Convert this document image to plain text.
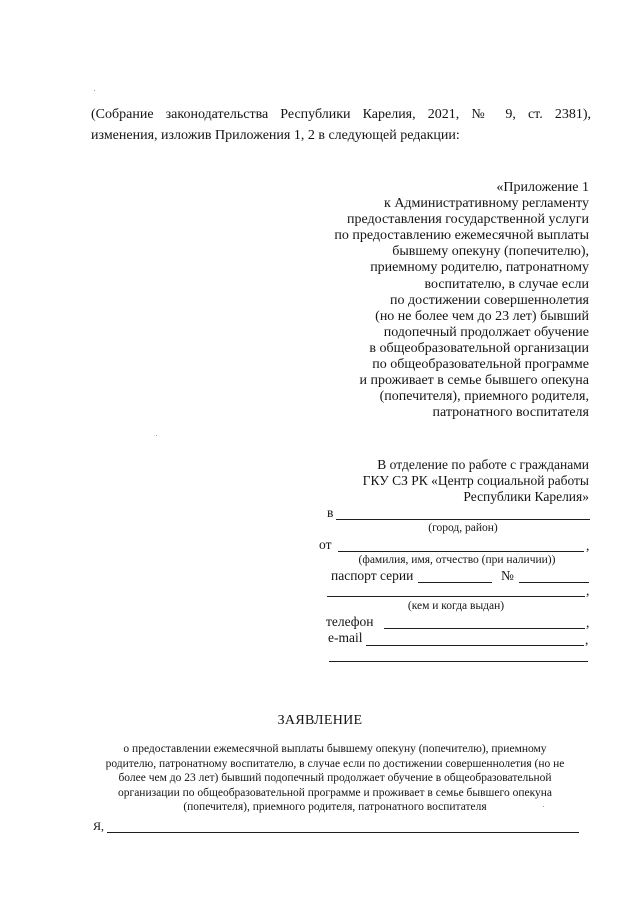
(Собрание законодательства Республики Карелия, 2021, № 9, ст. 2381),

изменения, изложив Приложения 1, 2 в следующей редакции:

«Приложение 1
к Административному регламенту
предоставления государственной услуги
по предоставлению ежемесячной выплаты
бывшему опекуну (попечителю),
приемному родителю, патронатному
воспитателю, в случае если
по достижении совершеннолетия
(но не более чем до 23 лет) бывший
подопечный продолжает обучение
в общеобразовательной организации
по общеобразовательной программе
и проживает в семье бывшего опекуна
(попечителя), приемного родителя,
патронатного воспитателя
В отделение по работе с гражданами
ГКУ СЗ РК «Центр социальной работы
Республики Карелия»
в
(город, район)
от	,
(фамилия, имя, отчество (при наличии))
паспорт серии	№
,
(кем и когда выдан)
телефон	,
e-mail	,
ЗАЯВЛЕНИЕ
о предоставлении ежемесячной выплаты бывшему опекуну (попечителю), приемному
родителю, патронатному воспитателю, в случае если по достижении совершеннолетия (но не
более чем до 23 лет) бывший подопечный продолжает обучение в общеобразовательной
организации по общеобразовательной программе и проживает в семье бывшего опекуна
(попечителя), приемного родителя, патронатного воспитателя
Я,
